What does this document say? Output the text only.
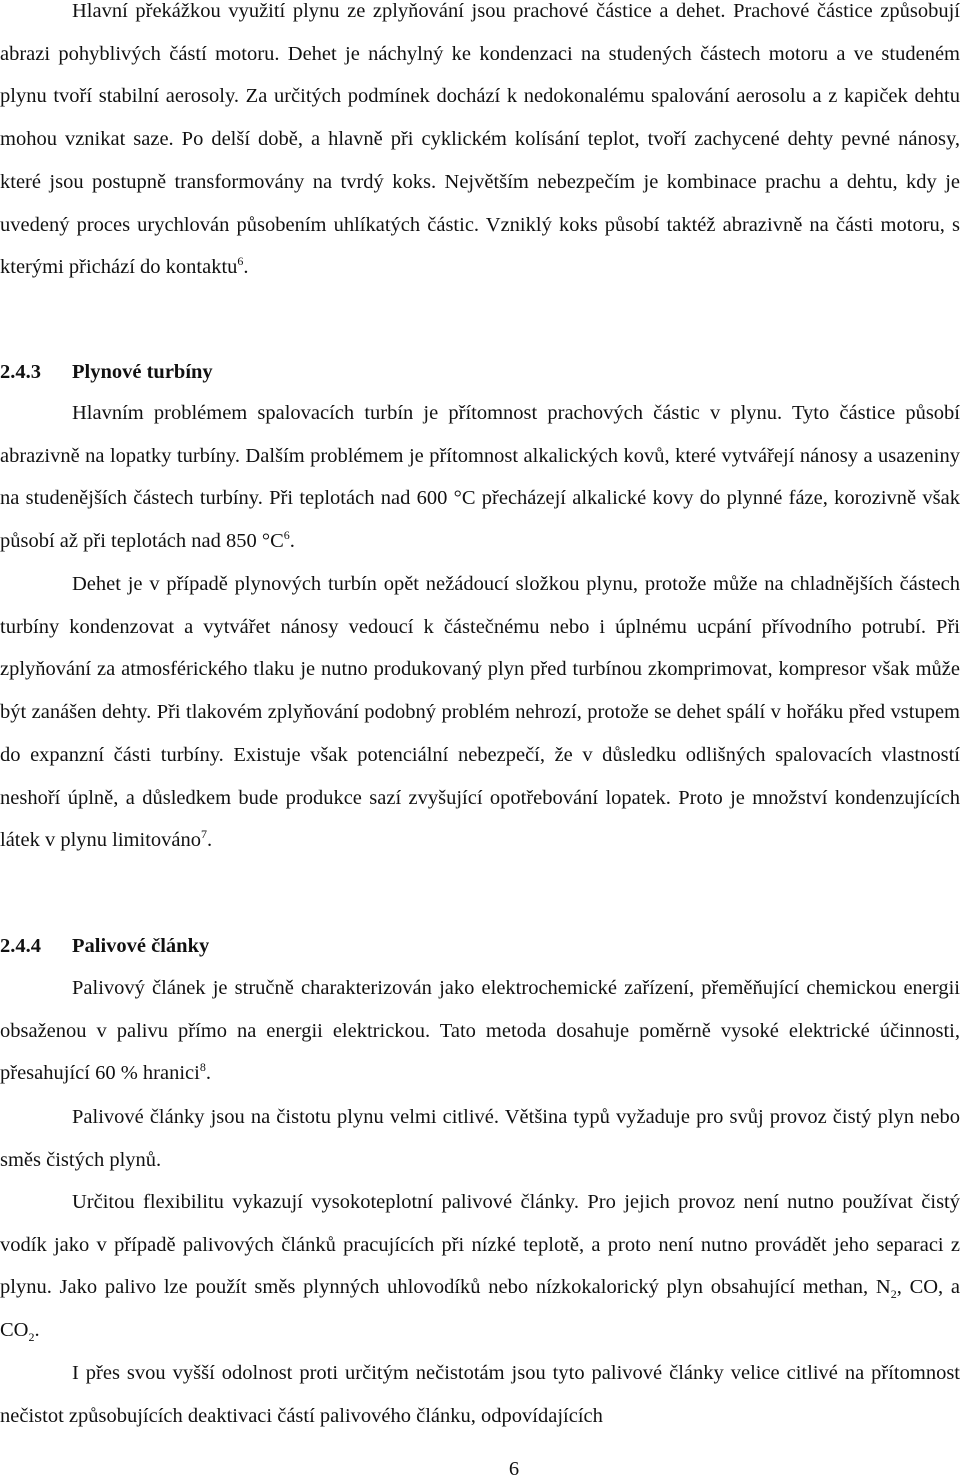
Hlavní překážkou využití plynu ze zplyňování jsou prachové částice a dehet. Prachové částice způsobují abrazi pohyblivých částí motoru. Dehet je náchylný ke kondenzaci na studených částech motoru a ve studeném plynu tvoří stabilní aerosoly. Za určitých podmínek dochází k nedokonalému spalování aerosolu a z kapiček dehtu mohou vznikat saze. Po delší době, a hlavně při cyklickém kolísání teplot, tvoří zachycené dehty pevné nánosy, které jsou postupně transformovány na tvrdý koks. Největším nebezpečím je kombinace prachu a dehtu, kdy je uvedený proces urychlován působením uhlíkatých částic. Vzniklý koks působí taktéž abrazivně na části motoru, s kterými přichází do kontaktu$^6$.

2.4.3 Plynové turbíny

Hlavním problémem spalovacích turbín je přítomnost prachových částic v plynu. Tyto částice působí abrazivně na lopatky turbíny. Dalším problémem je přítomnost alkalických kovů, které vytvářejí nánosy a usazeniny na studenějších částech turbíny. Při teplotách nad 600 °C přecházejí alkalické kovy do plynné fáze, korozivně však působí až při teplotách nad 850 $^\circ C^6$.

Dehet je v případě plynových turbín opět nežádoucí složkou plynu, protože může na chladnějších částech turbíny kondenzovat a vytvářet nánosy vedoucí k částečnému nebo i úplnému ucpání přívodního potrubí. Při zplyňování za atmosférického tlaku je nutno produkovaný plyn před turbínou zkomprimovat, kompresor však může být zanášen dehty. Při tlakovém zplyňování podobný problém nehrozí, protože se dehet spálí v hořáku před vstupem do expanzní části turbíny. Existuje však potenciální nebezpečí, že v důsledku odlišných spalovacích vlastností neshoří úplně, a důsledkem bude produkce sazí zvyšující opotřebování lopatek. Proto je množství kondenzujících látek v plynu limitováno$^7$.

2.4.4 Palivové články

Palivový článek je stručně charakterizován jako elektrochemické zařízení, přeměňující chemickou energii obsaženou v palivu přímo na energii elektrickou. Tato metoda dosahuje poměrně vysoké elektrické účinnosti, přesahující 60 % hranici$^8$.

Palivové články jsou na čistotu plynu velmi citlivé. Většina typů vyžaduje pro svůj provoz čistý plyn nebo směs čistých plynů.

Určitou flexibilitu vykazují vysokoteplotní palivové články. Pro jejich provoz není nutno používat čistý vodík jako v případě palivových článků pracujících při nízké teplotě, a proto není nutno provádět jeho separaci z plynu. Jako palivo lze použít směs plynných uhlovodíků nebo nízkokalorický plyn obsahující methan, $N_2$, CO, a $CO_2$.

I přes svou vyšší odolnost proti určitým nečistotám jsou tyto palivové články velice citlivé na přítomnost nečistot způsobujících deaktivaci částí palivového článku, odpovídajících

6
